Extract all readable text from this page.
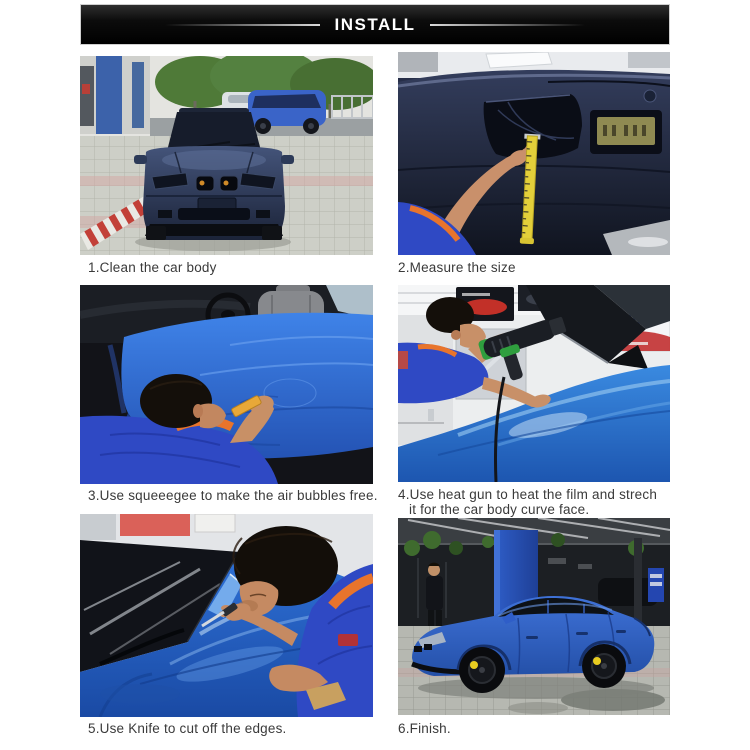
INSTALL
1.Clean the car body	2.Measure the size
3.Use squeeegee to make the air bubbles free. 4.Use heat gun to heat the film and strech
it for the car body curve face.
5.Use Knife to cut off the edges.	6.Finish.
